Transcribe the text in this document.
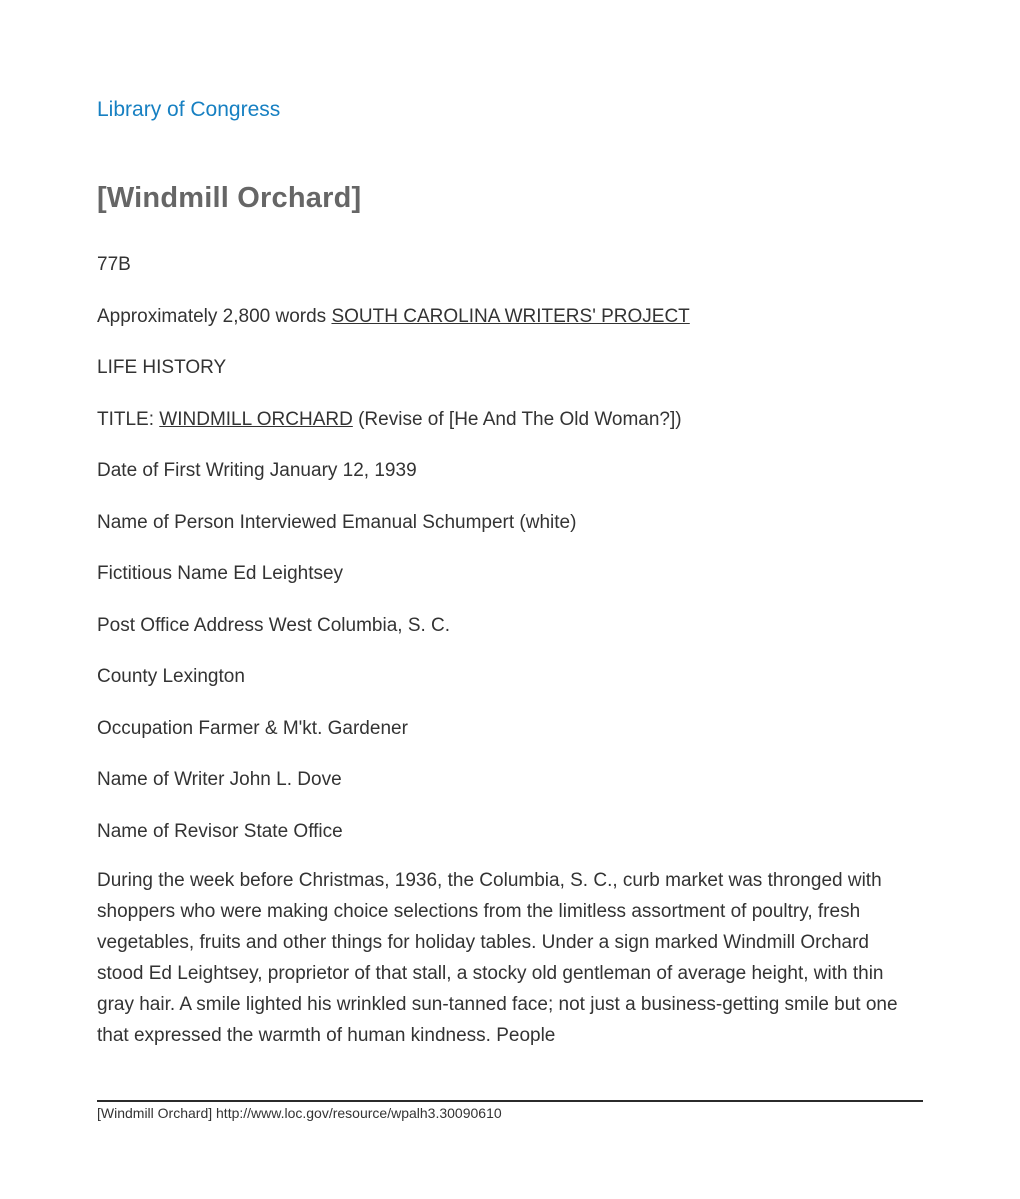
Library of Congress
[Windmill Orchard]

77B

Approximately 2,800 words SOUTH CAROLINA WRITERS' PROJECT

LIFE HISTORY

TITLE: WINDMILL ORCHARD (Revise of [He And The Old Woman?])

Date of First Writing January 12, 1939

Name of Person Interviewed Emanual Schumpert (white)

Fictitious Name Ed Leightsey

Post Office Address West Columbia, S. C.

County Lexington

Occupation Farmer & M'kt. Gardener

Name of Writer John L. Dove

Name of Revisor State Office

During the week before Christmas, 1936, the Columbia, S. C., curb market was thronged with shoppers who were making choice selections from the limitless assortment of poultry, fresh vegetables, fruits and other things for holiday tables. Under a sign marked Windmill Orchard stood Ed Leightsey, proprietor of that stall, a stocky old gentleman of average height, with thin gray hair. A smile lighted his wrinkled sun-tanned face; not just a business-getting smile but one that expressed the warmth of human kindness. People

[Windmill Orchard] http://www.loc.gov/resource/wpalh3.30090610
